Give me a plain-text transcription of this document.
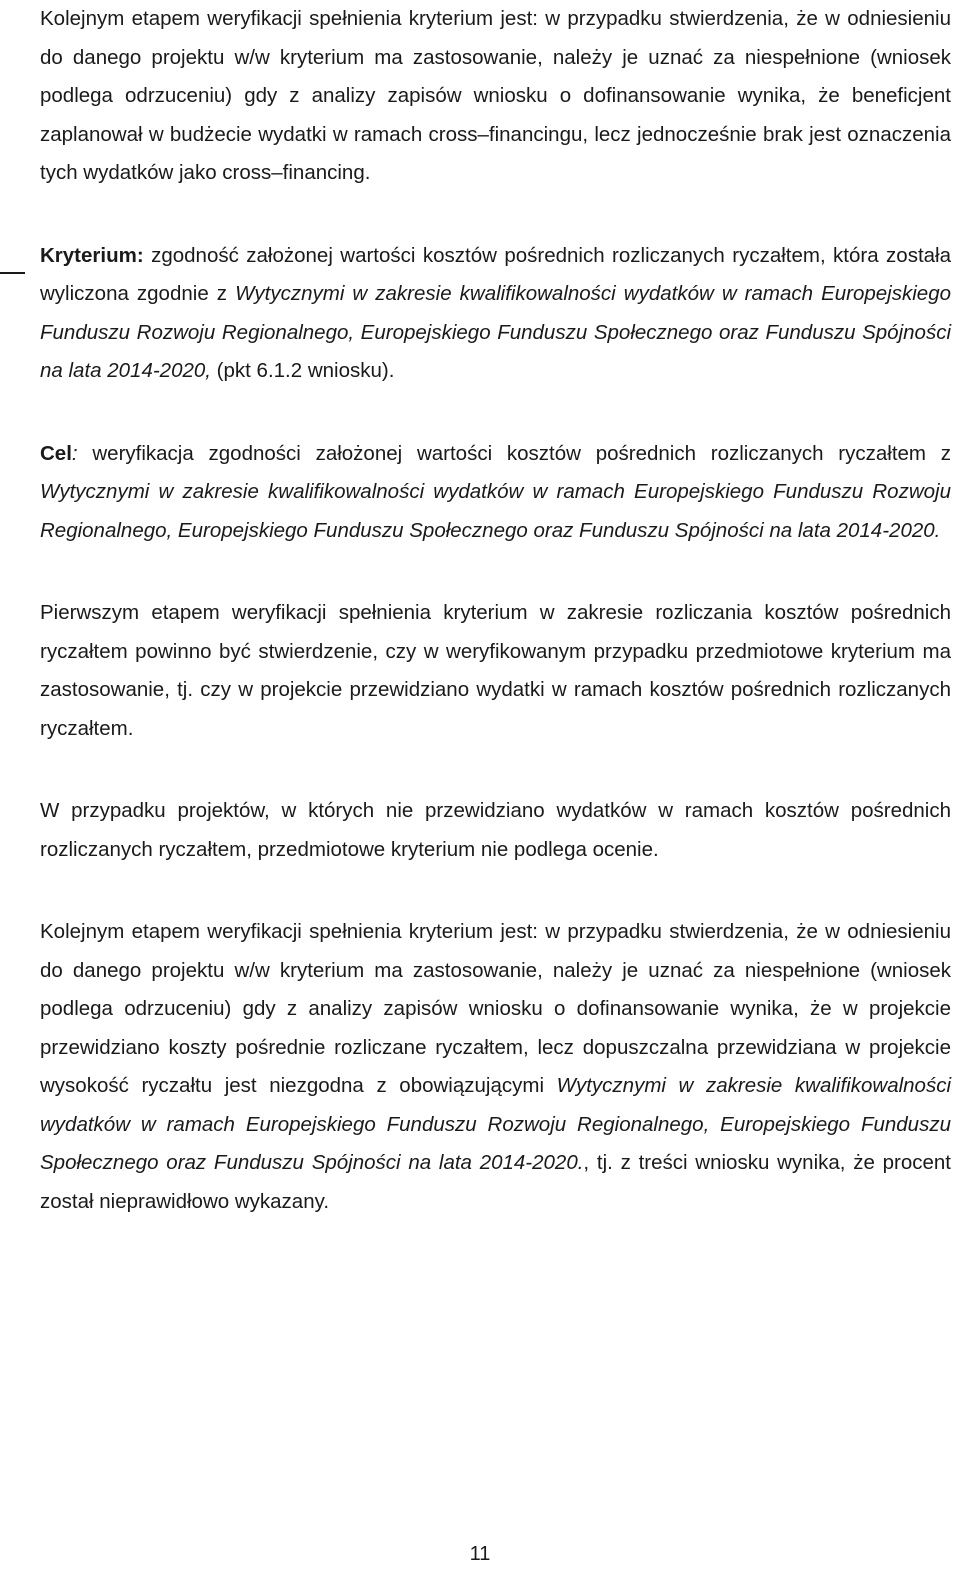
Kolejnym etapem weryfikacji spełnienia kryterium jest: w przypadku stwierdzenia, że w odniesieniu do danego projektu w/w kryterium ma zastosowanie, należy je uznać za niespełnione (wniosek podlega odrzuceniu) gdy z analizy zapisów wniosku o dofinansowanie wynika, że beneficjent zaplanował w budżecie wydatki w ramach cross–financingu, lecz jednocześnie brak jest oznaczenia tych wydatków jako cross–financing.

Kryterium: zgodność założonej wartości kosztów pośrednich rozliczanych ryczałtem, która została wyliczona zgodnie z Wytycznymi w zakresie kwalifikowalności wydatków w ramach Europejskiego Funduszu Rozwoju Regionalnego, Europejskiego Funduszu Społecznego oraz Funduszu Spójności na lata 2014-2020, (pkt 6.1.2 wniosku).

Cel: weryfikacja zgodności założonej wartości kosztów pośrednich rozliczanych ryczałtem z Wytycznymi w zakresie kwalifikowalności wydatków w ramach Europejskiego Funduszu Rozwoju Regionalnego, Europejskiego Funduszu Społecznego oraz Funduszu Spójności na lata 2014-2020.

Pierwszym etapem weryfikacji spełnienia kryterium w zakresie rozliczania kosztów pośrednich ryczałtem powinno być stwierdzenie, czy w weryfikowanym przypadku przedmiotowe kryterium ma zastosowanie, tj. czy w projekcie przewidziano wydatki w ramach kosztów pośrednich rozliczanych ryczałtem.

W przypadku projektów, w których nie przewidziano wydatków w ramach kosztów pośrednich rozliczanych ryczałtem, przedmiotowe kryterium nie podlega ocenie.

Kolejnym etapem weryfikacji spełnienia kryterium jest: w przypadku stwierdzenia, że w odniesieniu do danego projektu w/w kryterium ma zastosowanie, należy je uznać za niespełnione (wniosek podlega odrzuceniu) gdy z analizy zapisów wniosku o dofinansowanie wynika, że w projekcie przewidziano koszty pośrednie rozliczane ryczałtem, lecz dopuszczalna przewidziana w projekcie wysokość ryczałtu jest niezgodna z obowiązującymi Wytycznymi w zakresie kwalifikowalności wydatków w ramach Europejskiego Funduszu Rozwoju Regionalnego, Europejskiego Funduszu Społecznego oraz Funduszu Spójności na lata 2014-2020., tj. z treści wniosku wynika, że procent został nieprawidłowo wykazany.

11
